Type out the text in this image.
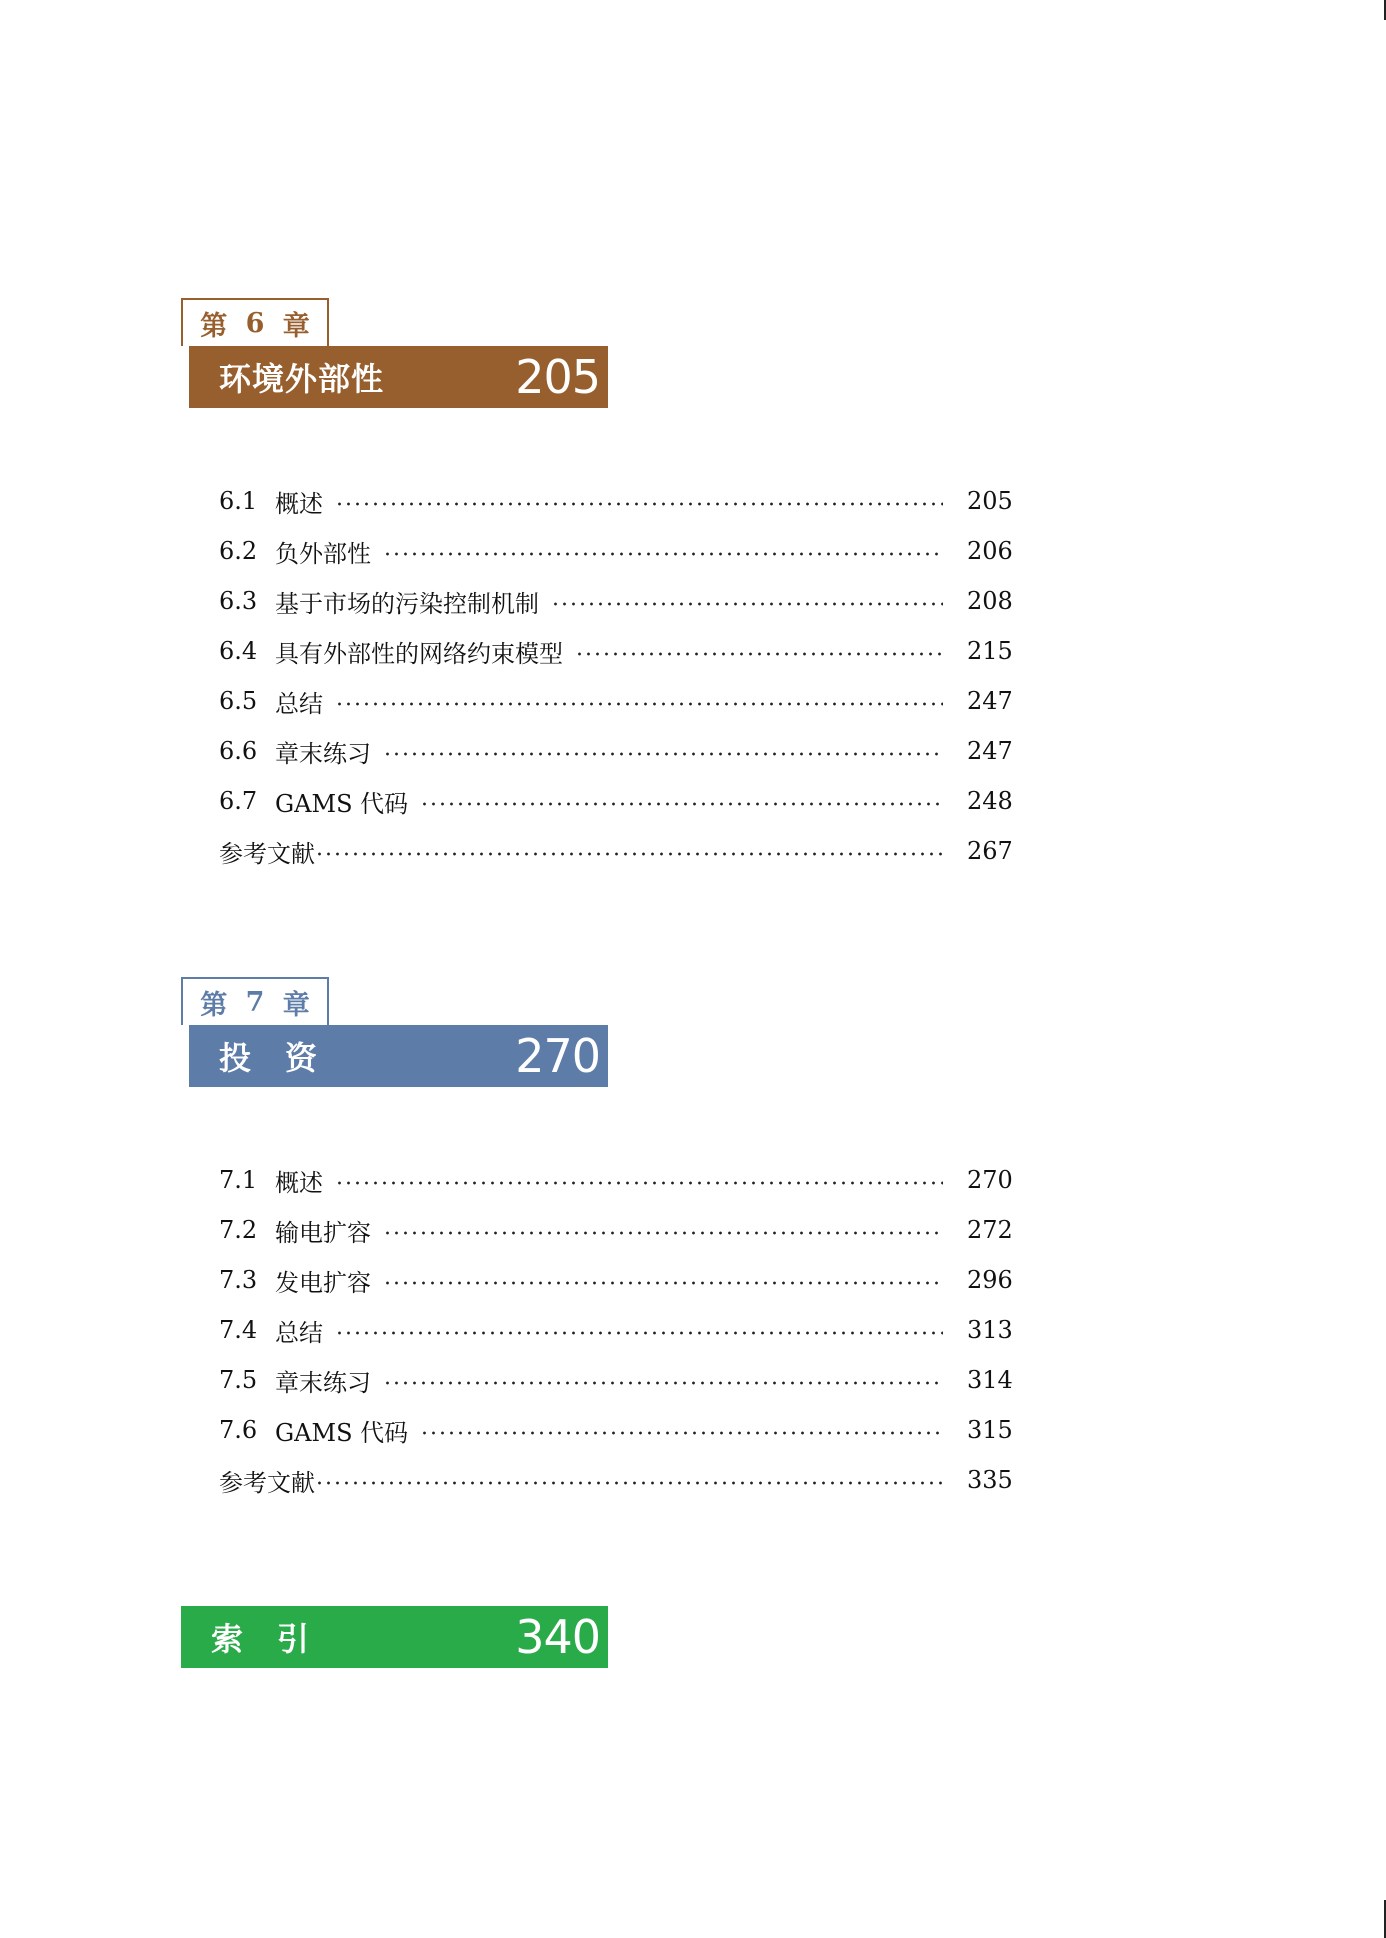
第 6 章
环境外部性	205
6.1 概述	205
6.2 负外部性	206
6.3 基于市场的污染控制机制	208
6.4 具有外部性的网络约束模型	215
6.5 总结	247
6.6 章末练习	247
6.7 GAMS 代码	248
参考文献	267
第 7 章
投　资	270
7.1 概述	270
7.2 输电扩容	272
7.3 发电扩容	296
7.4 总结	313
7.5 章末练习	314
7.6 GAMS 代码	315
参考文献	335
索　引	340
